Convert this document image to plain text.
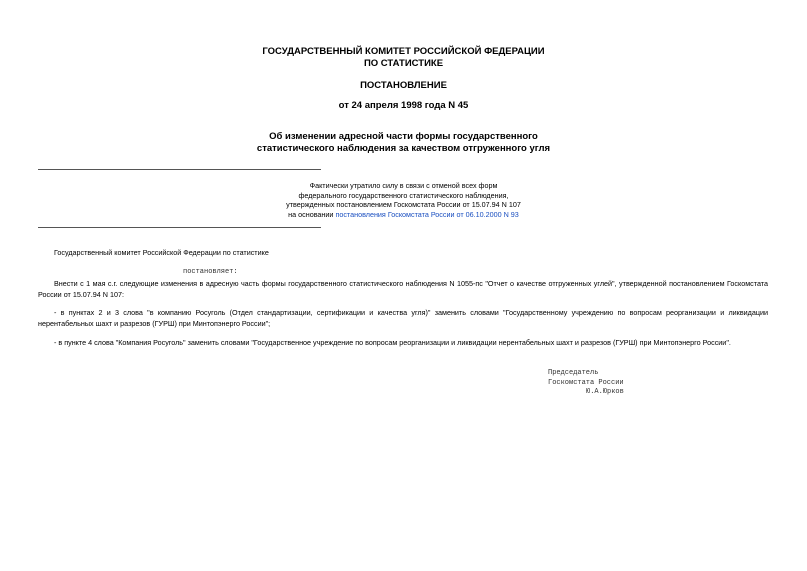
ГОСУДАРСТВЕННЫЙ КОМИТЕТ РОССИЙСКОЙ ФЕДЕРАЦИИ
ПО СТАТИСТИКЕ
ПОСТАНОВЛЕНИЕ
от 24 апреля 1998 года N 45
Об изменении адресной части формы государственного
статистического наблюдения за качеством отгруженного угля
Фактически утратило силу в связи с отменой всех форм
федерального государственного статистического наблюдения,
утвержденных постановлением Госкомстата России от 15.07.94 N 107
на основании постановления Госкомстата России от 06.10.2000 N 93
Государственный комитет Российской Федерации по статистике
постановляет:
Внести с 1 мая с.г. следующие изменения в адресную часть формы государственного статистического наблюдения N 1055-пс "Отчет о качестве отгруженных углей", утвержденной постановлением Госкомстата России от 15.07.94 N 107:
- в пунктах 2 и 3 слова "в компанию Росуголь (Отдел стандартизации, сертификации и качества угля)" заменить словами "Государственному учреждению по вопросам реорганизации и ликвидации нерентабельных шахт и разрезов (ГУРШ) при Минтопэнерго России";
- в пункте 4 слова "Компания Росуголь" заменить словами "Государственное учреждение по вопросам реорганизации и ликвидации нерентабельных шахт и разрезов (ГУРШ) при Минтопэнерго России".
Председатель
Госкомстата России
Ю.А.Юрков
